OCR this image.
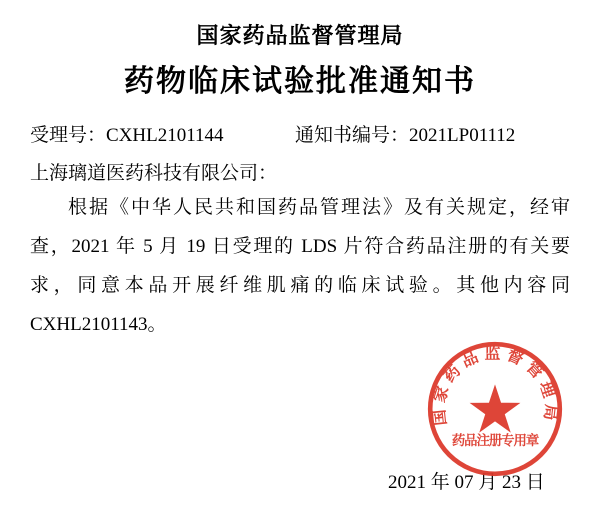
国家药品监督管理局
药物临床试验批准通知书
受理号：CXHL2101144	通知书编号：2021LP01112
上海璃道医药科技有限公司：
根据《中华人民共和国药品管理法》及有关规定，经审
查，2021 年 5 月 19 日受理的 LDS 片符合药品注册的有关要
求，同意本品开展纤维肌痛的临床试验。其他内容同
CXHL2101143。
2021 年 07 月 23 日
国家药品监督管理局
药品注册专用章
